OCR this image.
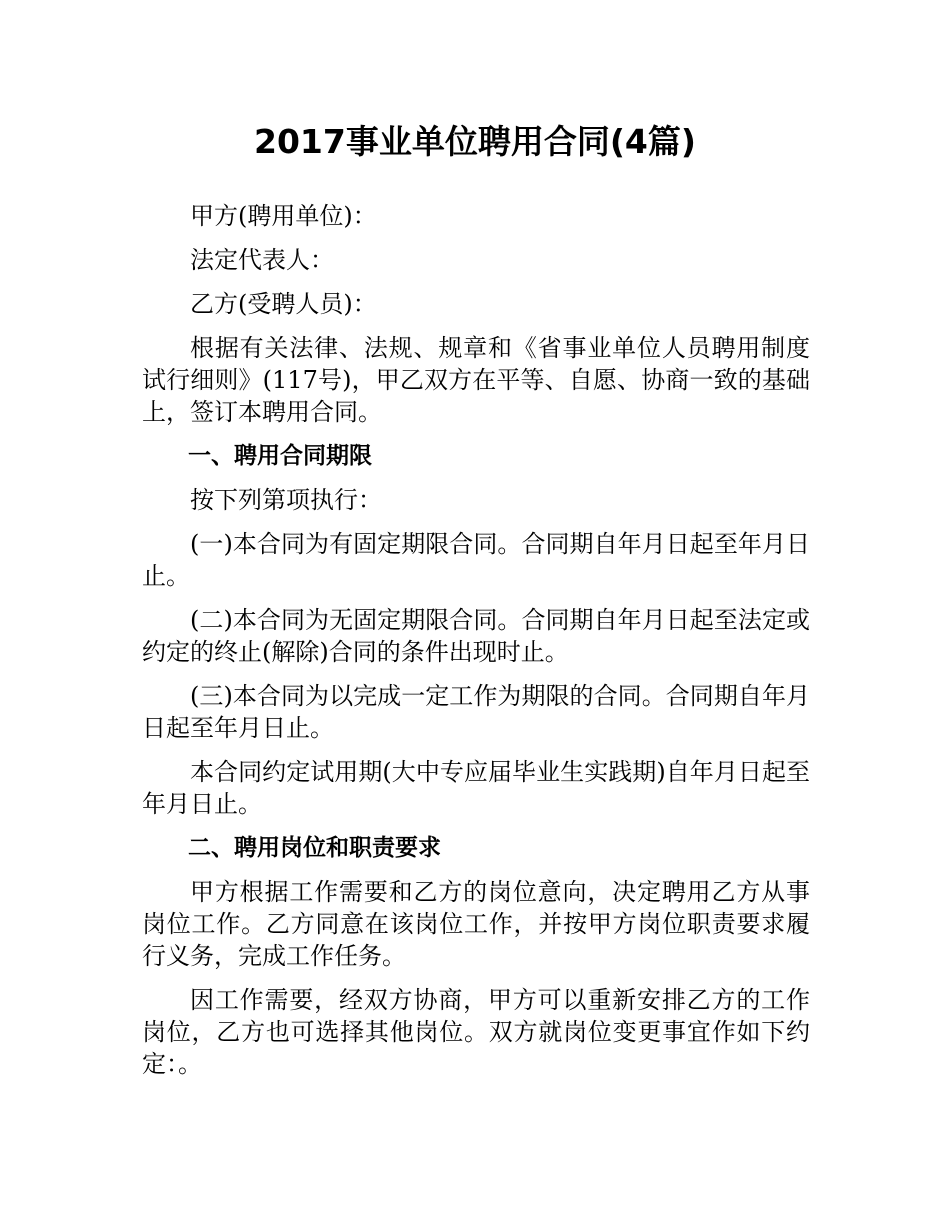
2017事业单位聘用合同(4篇)

甲方(聘用单位)：

法定代表人：

乙方(受聘人员)：

根据有关法律、法规、规章和《省事业单位人员聘用制度试行细则》(117号)，甲乙双方在平等、自愿、协商一致的基础上，签订本聘用合同。

一、聘用合同期限

按下列第项执行：

(一)本合同为有固定期限合同。合同期自年月日起至年月日止。

(二)本合同为无固定期限合同。合同期自年月日起至法定或约定的终止(解除)合同的条件出现时止。

(三)本合同为以完成一定工作为期限的合同。合同期自年月日起至年月日止。

本合同约定试用期(大中专应届毕业生实践期)自年月日起至年月日止。

二、聘用岗位和职责要求

甲方根据工作需要和乙方的岗位意向，决定聘用乙方从事岗位工作。乙方同意在该岗位工作，并按甲方岗位职责要求履行义务，完成工作任务。

因工作需要，经双方协商，甲方可以重新安排乙方的工作岗位，乙方也可选择其他岗位。双方就岗位变更事宜作如下约定：。
